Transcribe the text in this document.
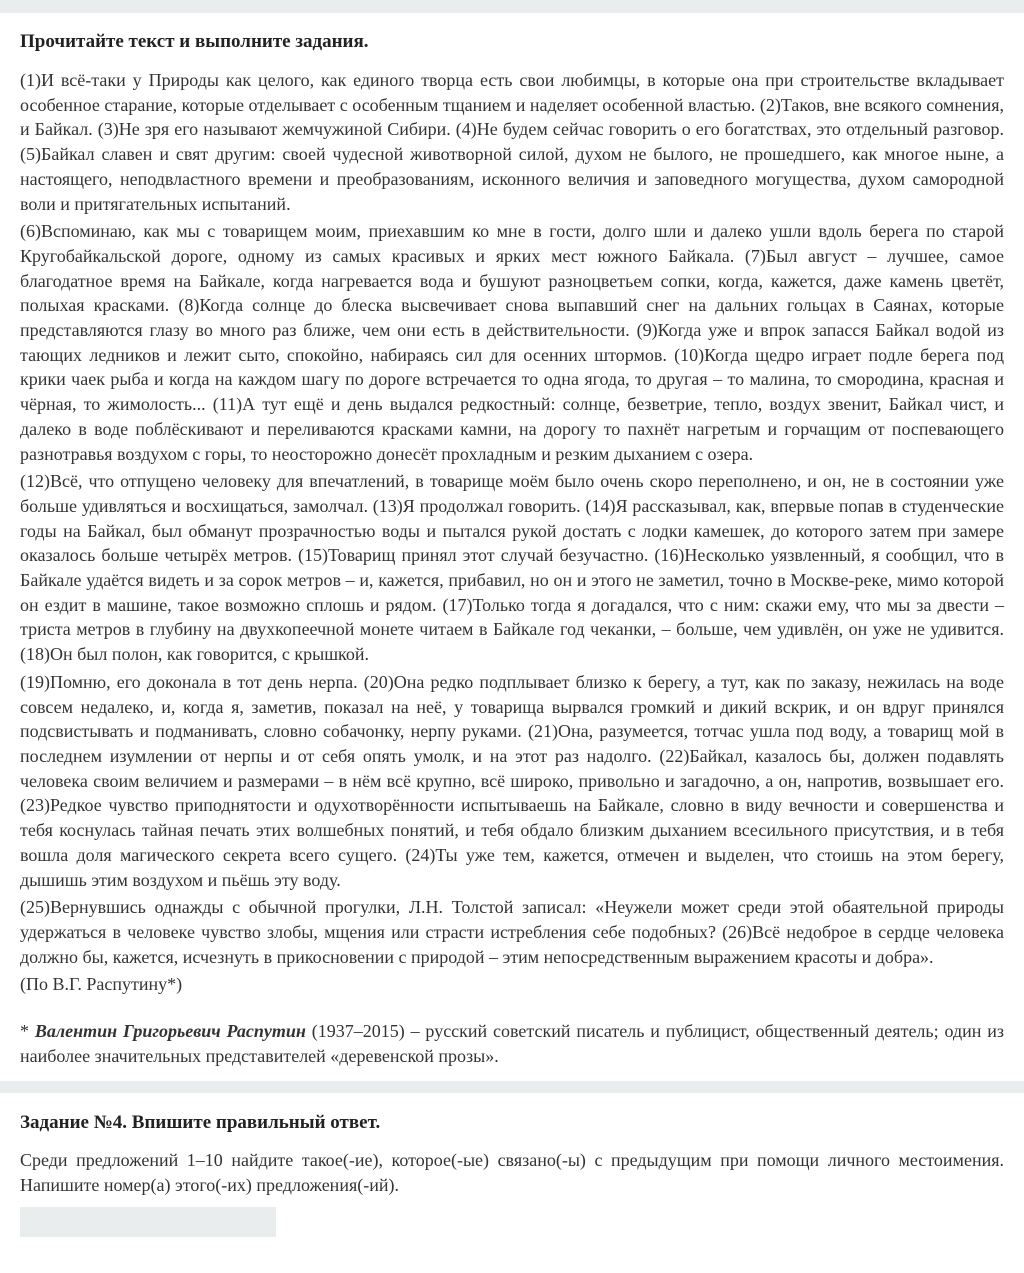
Прочитайте текст и выполните задания.

(1)И всё-таки у Природы как целого, как единого творца есть свои любимцы, в которые она при строительстве вкладывает особенное старание, которые отделывает с особенным тщанием и наделяет особенной властью. (2)Таков, вне всякого сомнения, и Байкал. (3)Не зря его называют жемчужиной Сибири. (4)Не будем сейчас говорить о его богатствах, это отдельный разговор. (5)Байкал славен и свят другим: своей чудесной животворной силой, духом не былого, не прошедшего, как многое ныне, а настоящего, неподвластного времени и преобразованиям, исконного величия и заповедного могущества, духом самородной воли и притягательных испытаний.

(6)Вспоминаю, как мы с товарищем моим, приехавшим ко мне в гости, долго шли и далеко ушли вдоль берега по старой Кругобайкальской дороге, одному из самых красивых и ярких мест южного Байкала. (7)Был август – лучшее, самое благодатное время на Байкале, когда нагревается вода и бушуют разноцветьем сопки, когда, кажется, даже камень цветёт, полыхая красками. (8)Когда солнце до блеска высвечивает снова выпавший снег на дальних гольцах в Саянах, которые представляются глазу во много раз ближе, чем они есть в действительности. (9)Когда уже и впрок запасся Байкал водой из тающих ледников и лежит сыто, спокойно, набираясь сил для осенних штормов. (10)Когда щедро играет подле берега под крики чаек рыба и когда на каждом шагу по дороге встречается то одна ягода, то другая – то малина, то смородина, красная и чёрная, то жимолость... (11)А тут ещё и день выдался редкостный: солнце, безветрие, тепло, воздух звенит, Байкал чист, и далеко в воде поблёскивают и переливаются красками камни, на дорогу то пахнёт нагретым и горчащим от поспевающего разнотравья воздухом с горы, то неосторожно донесёт прохладным и резким дыханием с озера.

(12)Всё, что отпущено человеку для впечатлений, в товарище моём было очень скоро переполнено, и он, не в состоянии уже больше удивляться и восхищаться, замолчал. (13)Я продолжал говорить. (14)Я рассказывал, как, впервые попав в студенческие годы на Байкал, был обманут прозрачностью воды и пытался рукой достать с лодки камешек, до которого затем при замере оказалось больше четырёх метров. (15)Товарищ принял этот случай безучастно. (16)Несколько уязвленный, я сообщил, что в Байкале удаётся видеть и за сорок метров – и, кажется, прибавил, но он и этого не заметил, точно в Москве-реке, мимо которой он ездит в машине, такое возможно сплошь и рядом. (17)Только тогда я догадался, что с ним: скажи ему, что мы за двести – триста метров в глубину на двухкопеечной монете читаем в Байкале год чеканки, – больше, чем удивлён, он уже не удивится. (18)Он был полон, как говорится, с крышкой.

(19)Помню, его доконала в тот день нерпа. (20)Она редко подплывает близко к берегу, а тут, как по заказу, нежилась на воде совсем недалеко, и, когда я, заметив, показал на неё, у товарища вырвался громкий и дикий вскрик, и он вдруг принялся подсвистывать и подманивать, словно собачонку, нерпу руками. (21)Она, разумеется, тотчас ушла под воду, а товарищ мой в последнем изумлении от нерпы и от себя опять умолк, и на этот раз надолго. (22)Байкал, казалось бы, должен подавлять человека своим величием и размерами – в нём всё крупно, всё широко, привольно и загадочно, а он, напротив, возвышает его. (23)Редкое чувство приподнятости и одухотворённости испытываешь на Байкале, словно в виду вечности и совершенства и тебя коснулась тайная печать этих волшебных понятий, и тебя обдало близким дыханием всесильного присутствия, и в тебя вошла доля магического секрета всего сущего. (24)Ты уже тем, кажется, отмечен и выделен, что стоишь на этом берегу, дышишь этим воздухом и пьёшь эту воду.

(25)Вернувшись однажды с обычной прогулки, Л.Н. Толстой записал: «Неужели может среди этой обаятельной природы удержаться в человеке чувство злобы, мщения или страсти истребления себе подобных? (26)Всё недоброе в сердце человека должно бы, кажется, исчезнуть в прикосновении с природой – этим непосредственным выражением красоты и добра».

(По В.Г. Распутину*)

* Валентин Григорьевич Распутин (1937–2015) – русский советский писатель и публицист, общественный деятель; один из наиболее значительных представителей «деревенской прозы».

Задание №4. Впишите правильный ответ.

Среди предложений 1–10 найдите такое(-ие), которое(-ые) связано(-ы) с предыдущим при помощи личного местоимения. Напишите номер(а) этого(-их) предложения(-ий).
